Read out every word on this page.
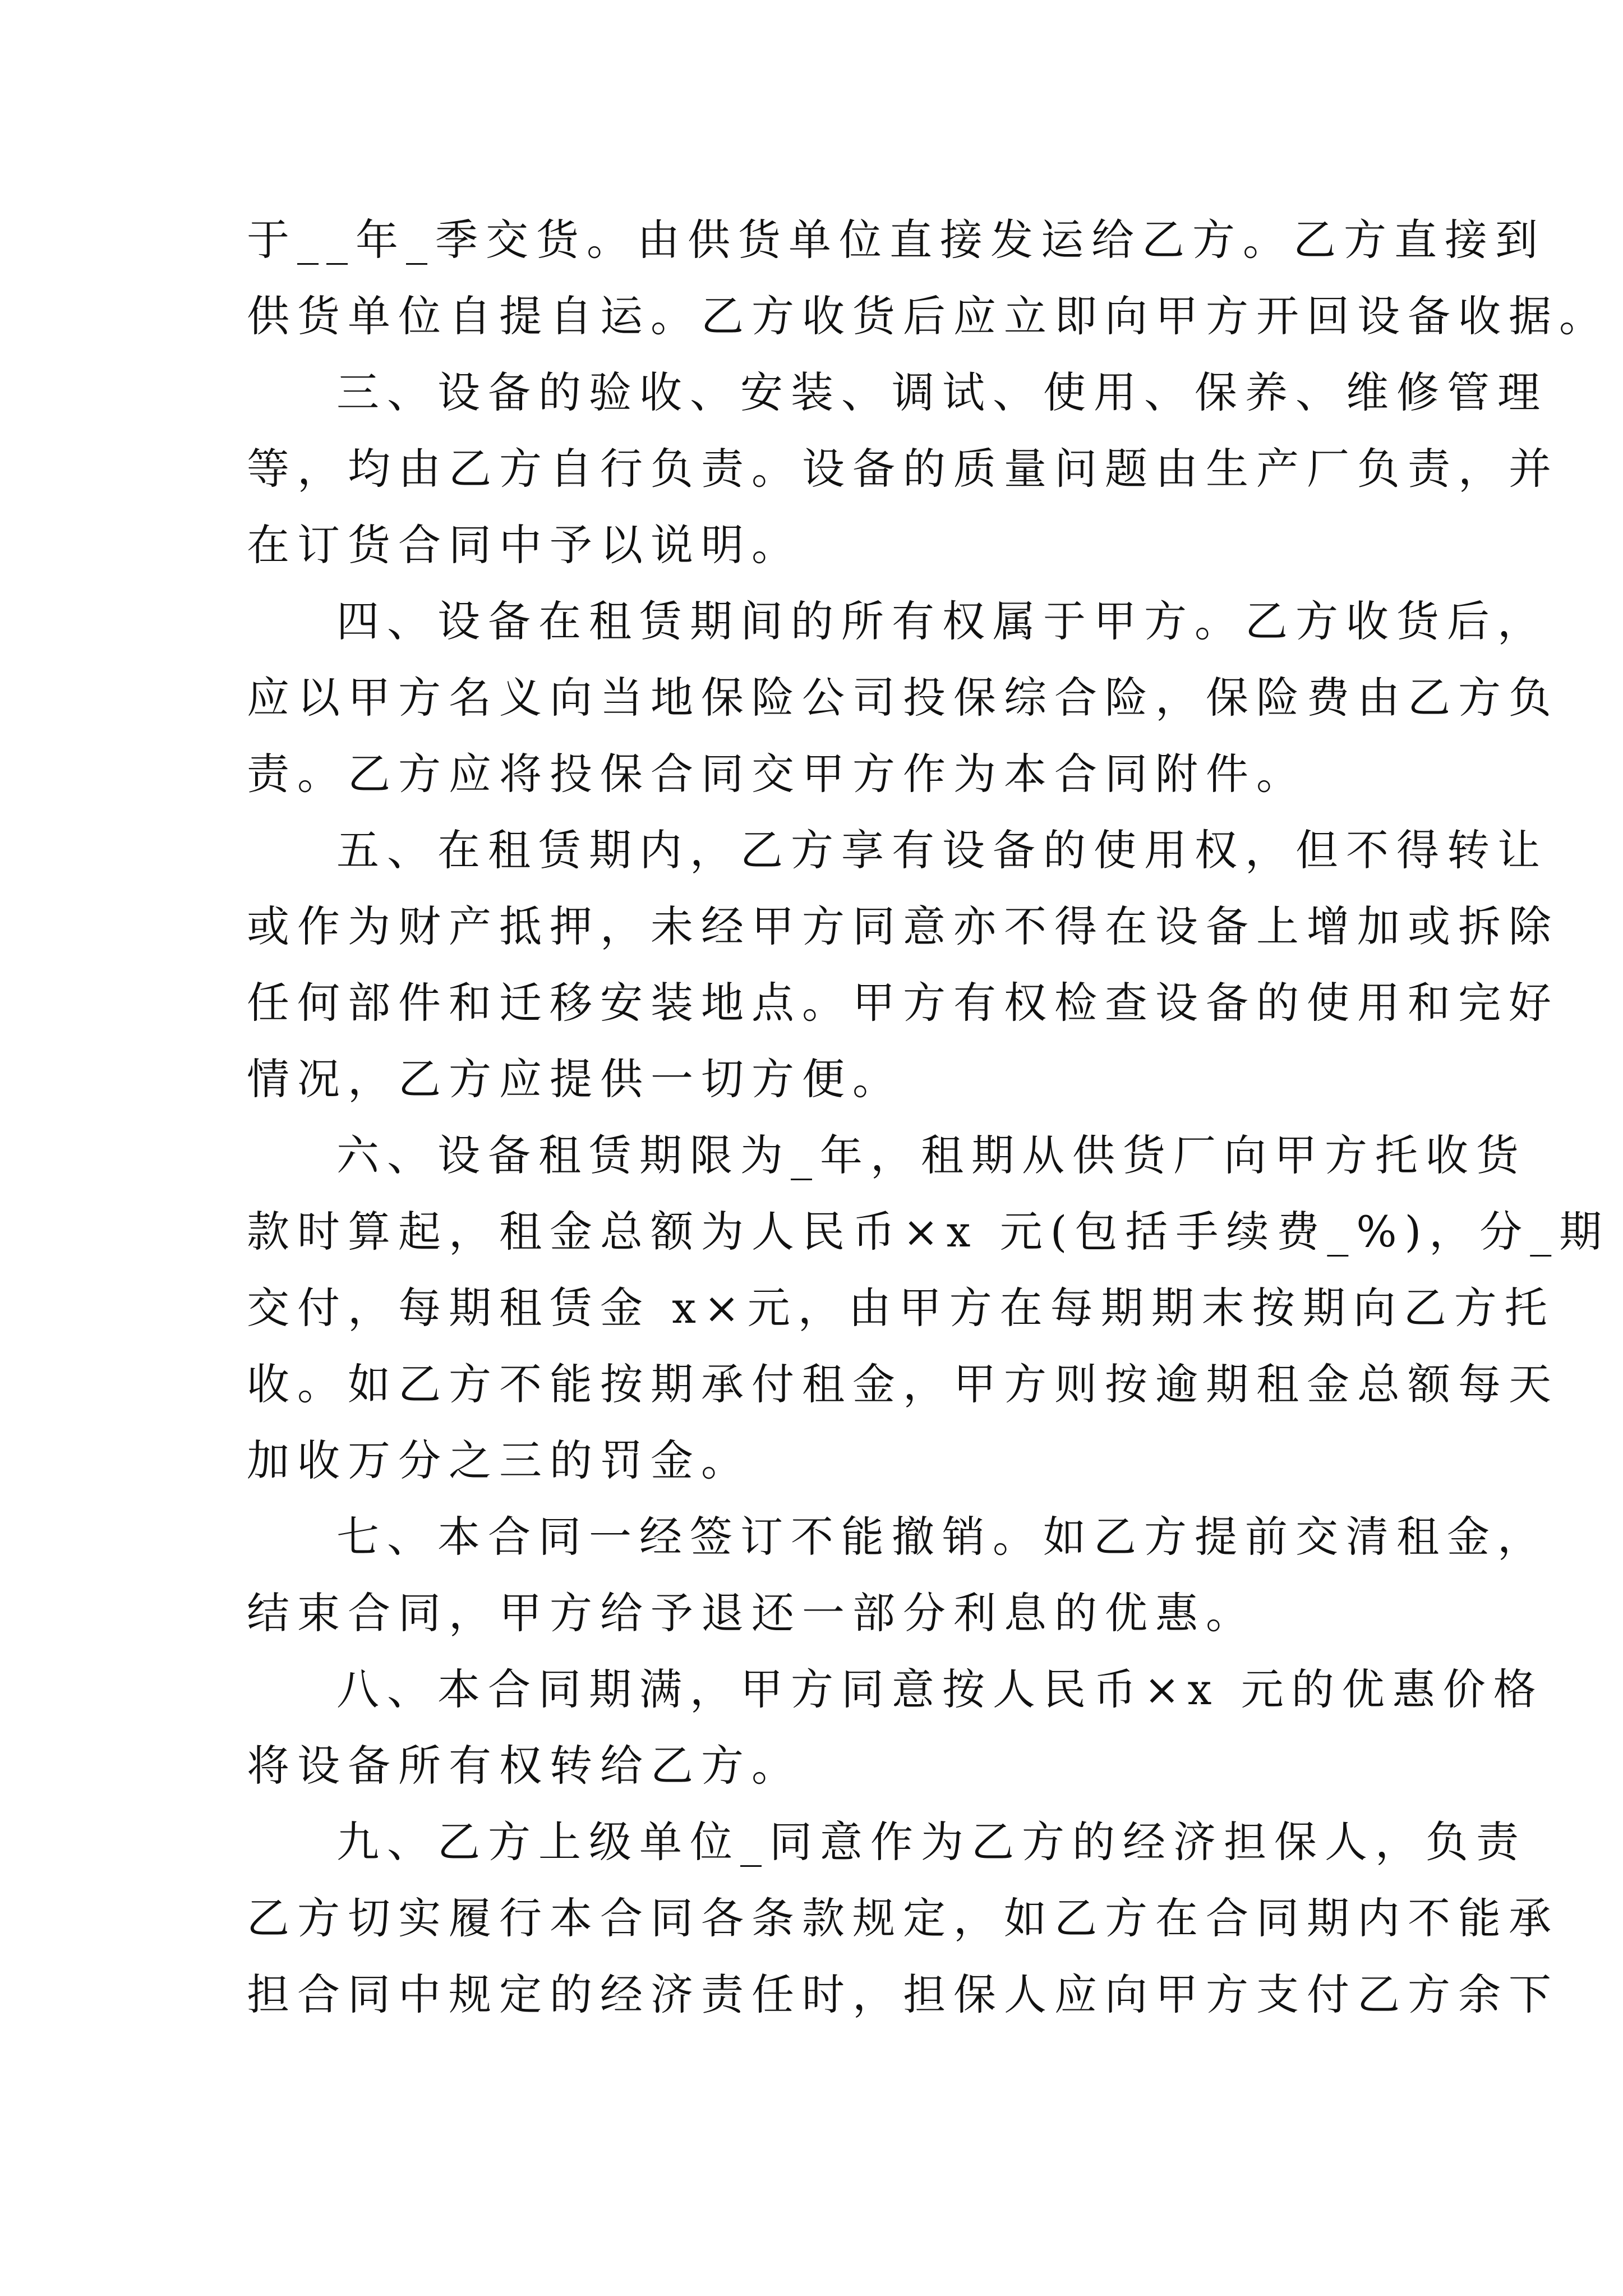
于__年_季交货。由供货单位直接发运给乙方。乙方直接到
供货单位自提自运。乙方收货后应立即向甲方开回设备收据。
三、设备的验收、安装、调试、使用、保养、维修管理
等，均由乙方自行负责。设备的质量问题由生产厂负责，并
在订货合同中予以说明。
四、设备在租赁期间的所有权属于甲方。乙方收货后，
应以甲方名义向当地保险公司投保综合险，保险费由乙方负
责。乙方应将投保合同交甲方作为本合同附件。
五、在租赁期内，乙方享有设备的使用权，但不得转让
或作为财产抵押，未经甲方同意亦不得在设备上增加或拆除
任何部件和迁移安装地点。甲方有权检查设备的使用和完好
情况，乙方应提供一切方便。
六、设备租赁期限为_年，租期从供货厂向甲方托收货
款时算起，租金总额为人民币×x 元(包括手续费_%)，分_期
交付，每期租赁金 x×元，由甲方在每期期末按期向乙方托
收。如乙方不能按期承付租金，甲方则按逾期租金总额每天
加收万分之三的罚金。
七、本合同一经签订不能撤销。如乙方提前交清租金，
结束合同，甲方给予退还一部分利息的优惠。
八、本合同期满，甲方同意按人民币×x 元的优惠价格
将设备所有权转给乙方。
九、乙方上级单位_同意作为乙方的经济担保人，负责
乙方切实履行本合同各条款规定，如乙方在合同期内不能承
担合同中规定的经济责任时，担保人应向甲方支付乙方余下
